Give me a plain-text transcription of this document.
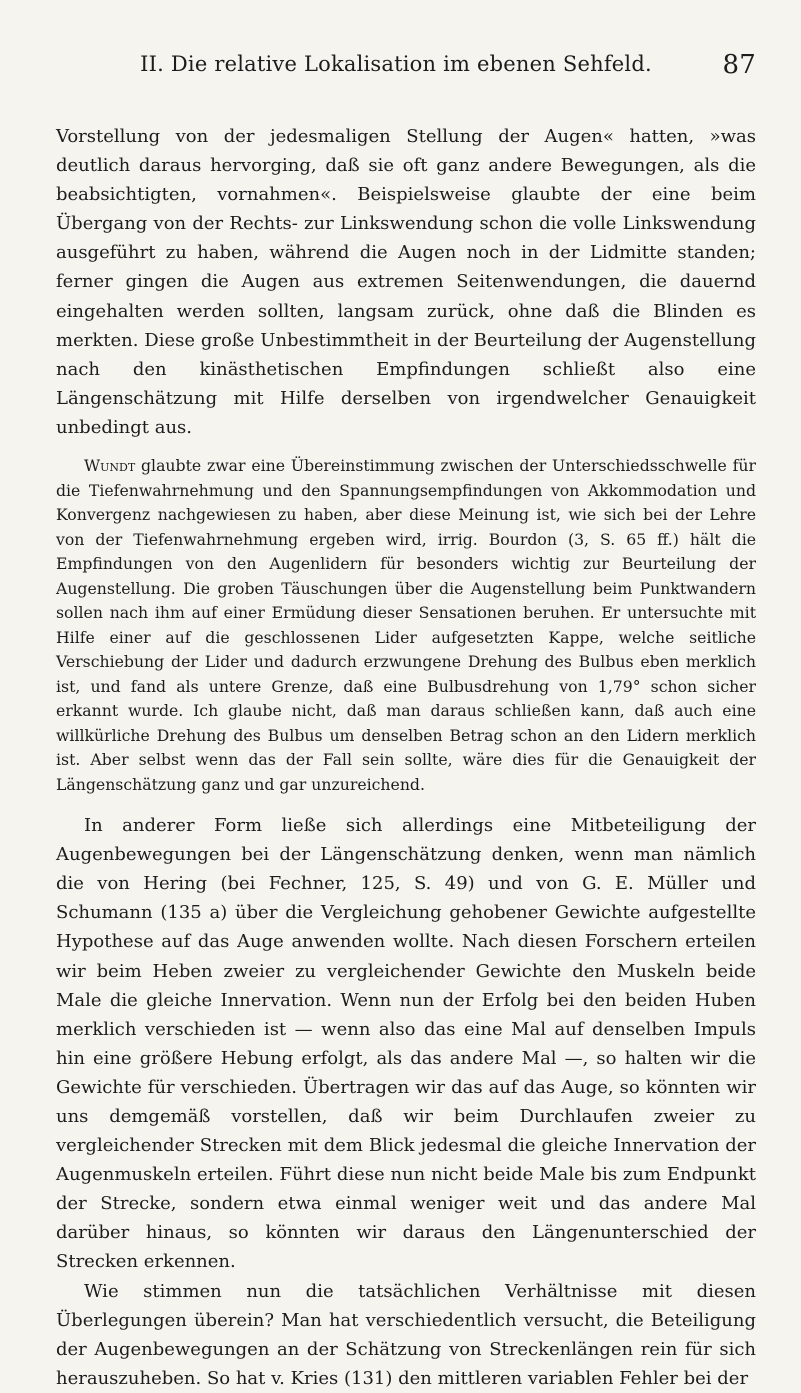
II. Die relative Lokalisation im ebenen Sehfeld.	87

Vorstellung von der jedesmaligen Stellung der Augen« hatten, »was deutlich daraus hervorging, daß sie oft ganz andere Bewegungen, als die beabsichtigten, vornahmen«. Beispielsweise glaubte der eine beim Übergang von der Rechts- zur Linkswendung schon die volle Linkswendung ausgeführt zu haben, während die Augen noch in der Lidmitte standen; ferner gingen die Augen aus extremen Seitenwendungen, die dauernd eingehalten werden sollten, langsam zurück, ohne daß die Blinden es merkten. Diese große Unbestimmtheit in der Beurteilung der Augenstellung nach den kinästhetischen Empfindungen schließt also eine Längenschätzung mit Hilfe derselben von irgendwelcher Genauigkeit unbedingt aus.

Wundt glaubte zwar eine Übereinstimmung zwischen der Unterschiedsschwelle für die Tiefenwahrnehmung und den Spannungsempfindungen von Akkommodation und Konvergenz nachgewiesen zu haben, aber diese Meinung ist, wie sich bei der Lehre von der Tiefenwahrnehmung ergeben wird, irrig. Bourdon (3, S. 65 ff.) hält die Empfindungen von den Augenlidern für besonders wichtig zur Beurteilung der Augenstellung. Die groben Täuschungen über die Augenstellung beim Punktwandern sollen nach ihm auf einer Ermüdung dieser Sensationen beruhen. Er untersuchte mit Hilfe einer auf die geschlossenen Lider aufgesetzten Kappe, welche seitliche Verschiebung der Lider und dadurch erzwungene Drehung des Bulbus eben merklich ist, und fand als untere Grenze, daß eine Bulbusdrehung von 1,79° schon sicher erkannt wurde. Ich glaube nicht, daß man daraus schließen kann, daß auch eine willkürliche Drehung des Bulbus um denselben Betrag schon an den Lidern merklich ist. Aber selbst wenn das der Fall sein sollte, wäre dies für die Genauigkeit der Längenschätzung ganz und gar unzureichend.

In anderer Form ließe sich allerdings eine Mitbeteiligung der Augenbewegungen bei der Längenschätzung denken, wenn man nämlich die von Hering (bei Fechner, 125, S. 49) und von G. E. Müller und Schumann (135 a) über die Vergleichung gehobener Gewichte aufgestellte Hypothese auf das Auge anwenden wollte. Nach diesen Forschern erteilen wir beim Heben zweier zu vergleichender Gewichte den Muskeln beide Male die gleiche Innervation. Wenn nun der Erfolg bei den beiden Huben merklich verschieden ist — wenn also das eine Mal auf denselben Impuls hin eine größere Hebung erfolgt, als das andere Mal —, so halten wir die Gewichte für verschieden. Übertragen wir das auf das Auge, so könnten wir uns demgemäß vorstellen, daß wir beim Durchlaufen zweier zu vergleichender Strecken mit dem Blick jedesmal die gleiche Innervation der Augenmuskeln erteilen. Führt diese nun nicht beide Male bis zum Endpunkt der Strecke, sondern etwa einmal weniger weit und das andere Mal darüber hinaus, so könnten wir daraus den Längenunterschied der Strecken erkennen.

Wie stimmen nun die tatsächlichen Verhältnisse mit diesen Überlegungen überein? Man hat verschiedentlich versucht, die Beteiligung der Augenbewegungen an der Schätzung von Streckenlängen rein für sich herauszuheben. So hat v. Kries (131) den mittleren variablen Fehler bei der
